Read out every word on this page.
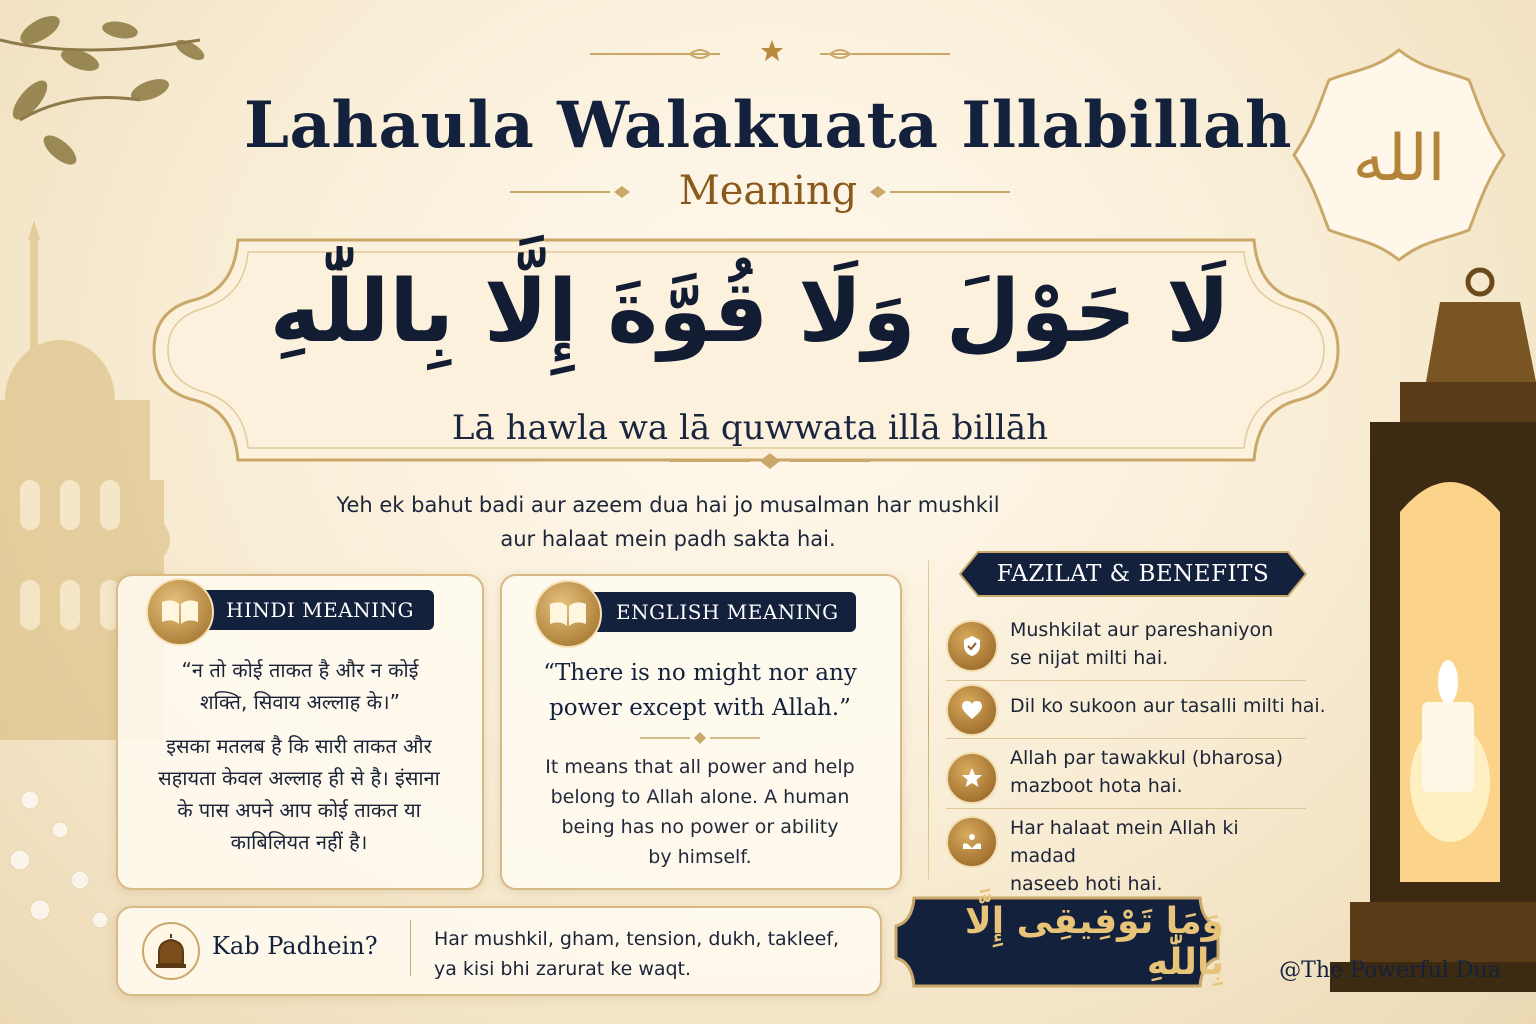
Lahaula Walakuata Illabillah
Meaning	الله
لَا حَوْلَ وَلَا قُوَّةَ إِلَّا بِاللّٰهِ
Lā hawla wa lā quwwata illā billāh
Yeh ek bahut badi aur azeem dua hai jo musalman har mushkil
aur halaat mein padh sakta hai.
HINDI MEANING
“न तो कोई ताकत है और न कोई
शक्ति, सिवाय अल्लाह के।”
इसका मतलब है कि सारी ताकत और
सहायता केवल अल्लाह ही से है। इंसाना
के पास अपने आप कोई ताकत या
काबिलियत नहीं है।
ENGLISH MEANING
“There is no might nor any
power except with Allah.”
It means that all power and help
belong to Allah alone. A human
being has no power or ability
by himself.
FAZILAT & BENEFITS
Mushkilat aur pareshaniyon
se nijat milti hai.
Dil ko sukoon aur tasalli milti hai.
Allah par tawakkul (bharosa)
mazboot hota hai.
Har halaat mein Allah ki madad
naseeb hoti hai.
Kab Padhein?	Har mushkil, gham, tension, dukh, takleef,
ya kisi bhi zarurat ke waqt.
وَمَا تَوْفِيقِى إِلَّا بِاللّٰهِ	@The Powerful Dua
